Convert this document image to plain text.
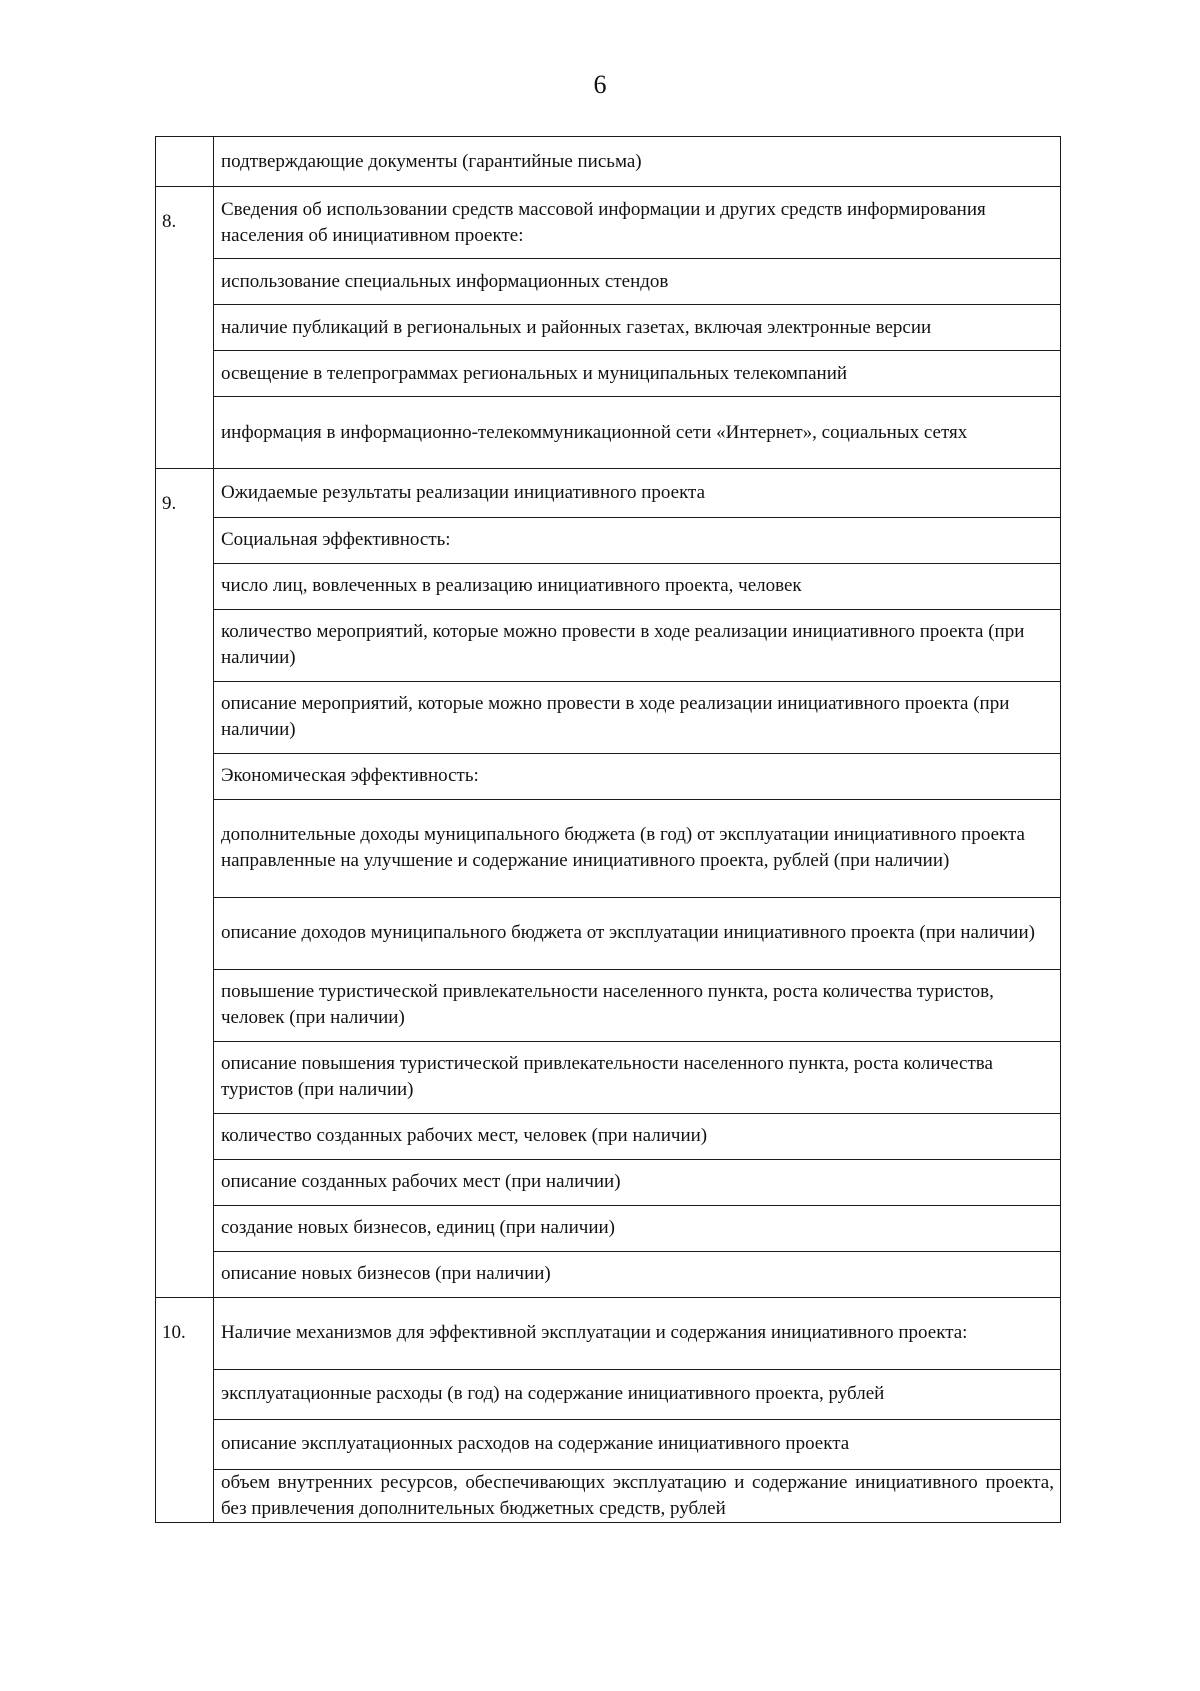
6
	подтверждающие документы (гарантийные письма)
8.	Сведения об использовании средств массовой информации и других средств информирования населения об инициативном проекте:
	использование специальных информационных стендов
	наличие публикаций в региональных и районных газетах, включая электронные версии
	освещение в телепрограммах региональных и муниципальных телекомпаний
	информация в информационно-телекоммуникационной сети «Интернет», социальных сетях
9.	Ожидаемые результаты реализации инициативного проекта
	Социальная эффективность:
	число лиц, вовлеченных в реализацию инициативного проекта, человек
	количество мероприятий, которые можно провести в ходе реализации инициативного проекта (при наличии)
	описание мероприятий, которые можно провести в ходе реализации инициативного проекта (при наличии)
	Экономическая эффективность:
	дополнительные доходы муниципального бюджета (в год) от эксплуатации инициативного проекта направленные на улучшение и содержание инициативного проекта, рублей (при наличии)
	описание доходов муниципального бюджета от эксплуатации инициативного проекта (при наличии)
	повышение туристической привлекательности населенного пункта, роста количества туристов, человек (при наличии)
	описание повышения туристической привлекательности населенного пункта, роста количества туристов (при наличии)
	количество созданных рабочих мест, человек (при наличии)
	описание созданных рабочих мест (при наличии)
	создание новых бизнесов, единиц (при наличии)
	описание новых бизнесов (при наличии)
10.	Наличие механизмов для эффективной эксплуатации и содержания инициативного проекта:
	эксплуатационные расходы (в год) на содержание инициативного проекта, рублей
	описание эксплуатационных расходов на содержание инициативного проекта
	объем внутренних ресурсов, обеспечивающих эксплуатацию и содержание инициативного проекта, без привлечения дополнительных бюджетных средств, рублей
